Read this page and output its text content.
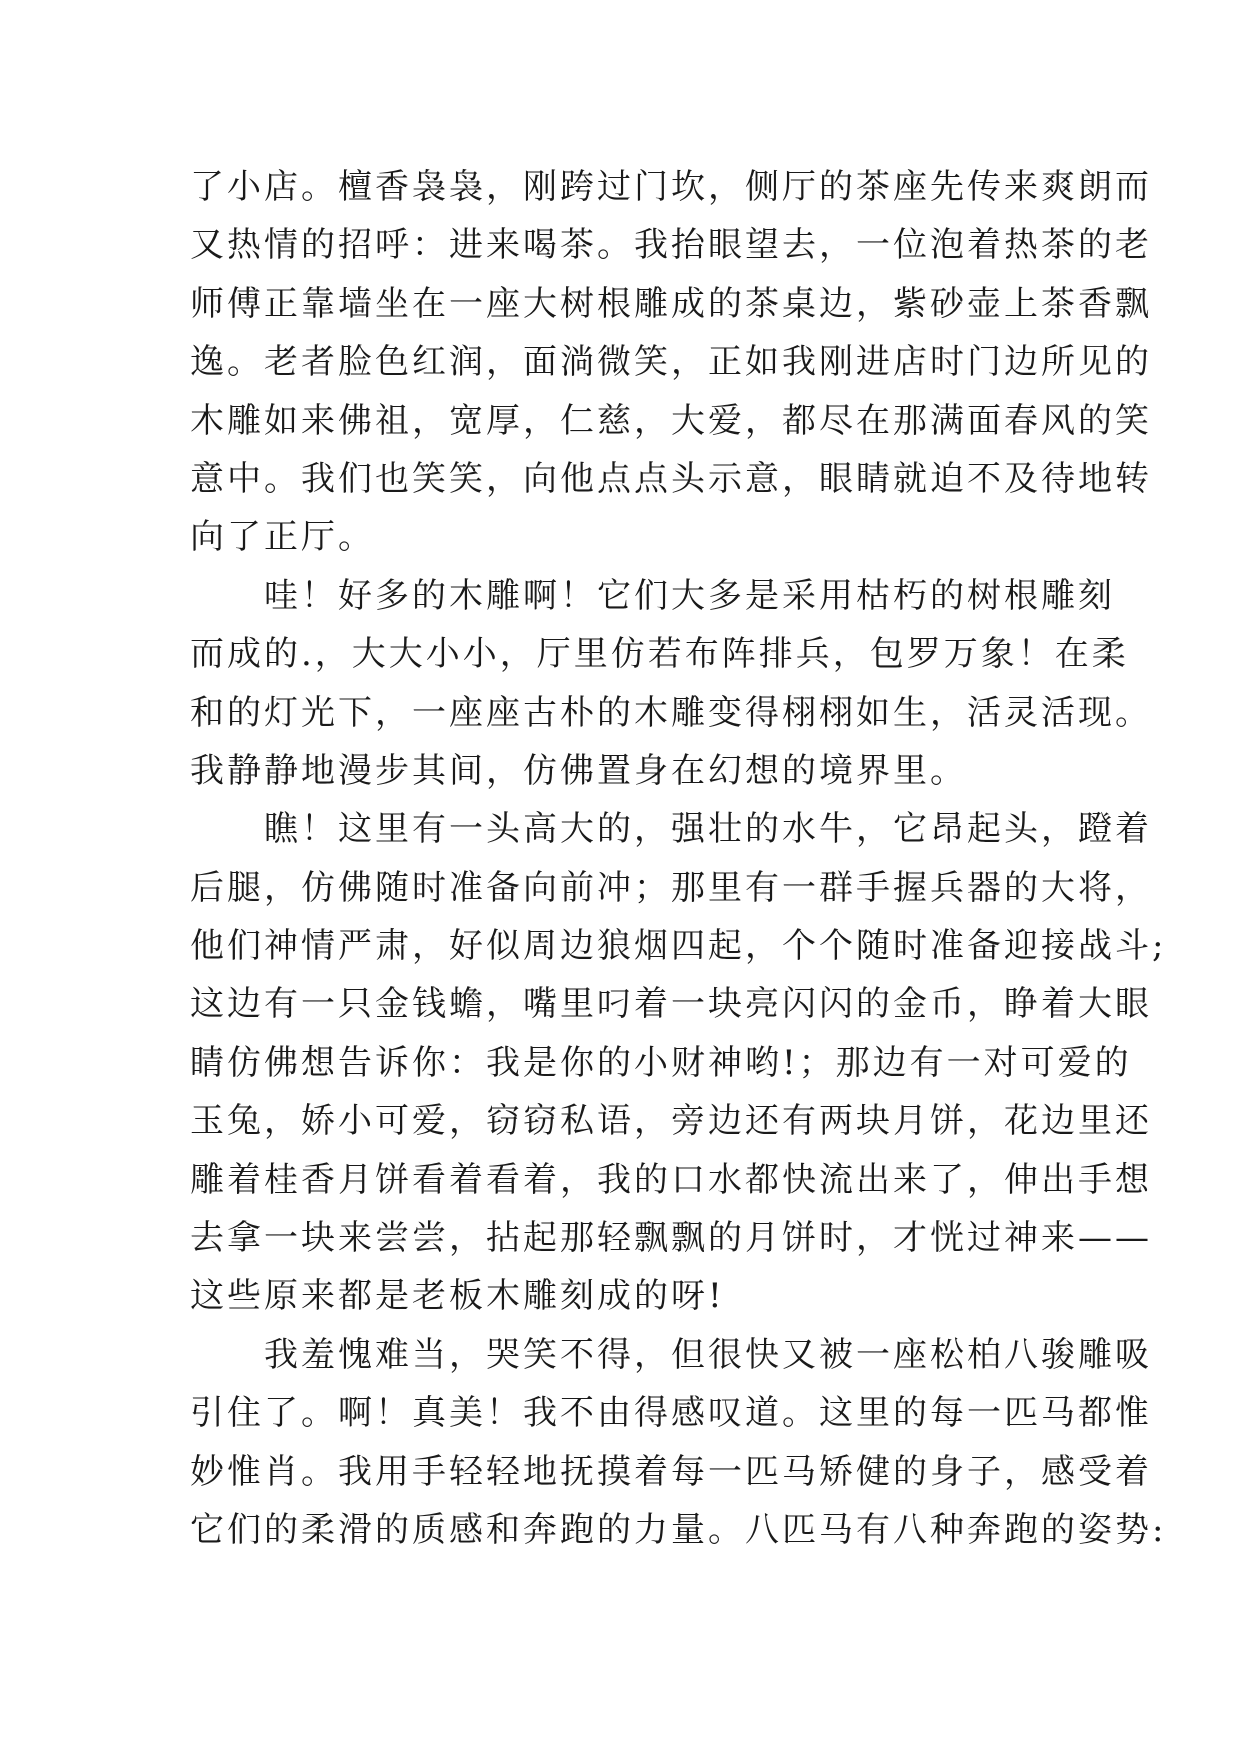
了小店。檀香袅袅，刚跨过门坎，侧厅的茶座先传来爽朗而
又热情的招呼：进来喝茶。我抬眼望去，一位泡着热茶的老
师傅正靠墙坐在一座大树根雕成的茶桌边，紫砂壶上茶香飘
逸。老者脸色红润，面淌微笑，正如我刚进店时门边所见的
木雕如来佛祖，宽厚，仁慈，大爱，都尽在那满面春风的笑
意中。我们也笑笑，向他点点头示意，眼睛就迫不及待地转
向了正厅。
　　哇！好多的木雕啊！它们大多是采用枯朽的树根雕刻
而成的.，大大小小，厅里仿若布阵排兵，包罗万象！在柔
和的灯光下，一座座古朴的木雕变得栩栩如生，活灵活现。
我静静地漫步其间，仿佛置身在幻想的境界里。
　　瞧！这里有一头高大的，强壮的水牛，它昂起头，蹬着
后腿，仿佛随时准备向前冲；那里有一群手握兵器的大将，
他们神情严肃，好似周边狼烟四起，个个随时准备迎接战斗;
这边有一只金钱蟾，嘴里叼着一块亮闪闪的金币，睁着大眼
睛仿佛想告诉你：我是你的小财神哟!；那边有一对可爱的
玉兔，娇小可爱，窃窃私语，旁边还有两块月饼，花边里还
雕着桂香月饼看着看着，我的口水都快流出来了，伸出手想
去拿一块来尝尝，拈起那轻飘飘的月饼时，才恍过神来——
这些原来都是老板木雕刻成的呀!
　　我羞愧难当，哭笑不得，但很快又被一座松柏八骏雕吸
引住了。啊！真美！我不由得感叹道。这里的每一匹马都惟
妙惟肖。我用手轻轻地抚摸着每一匹马矫健的身子，感受着
它们的柔滑的质感和奔跑的力量。八匹马有八种奔跑的姿势:
